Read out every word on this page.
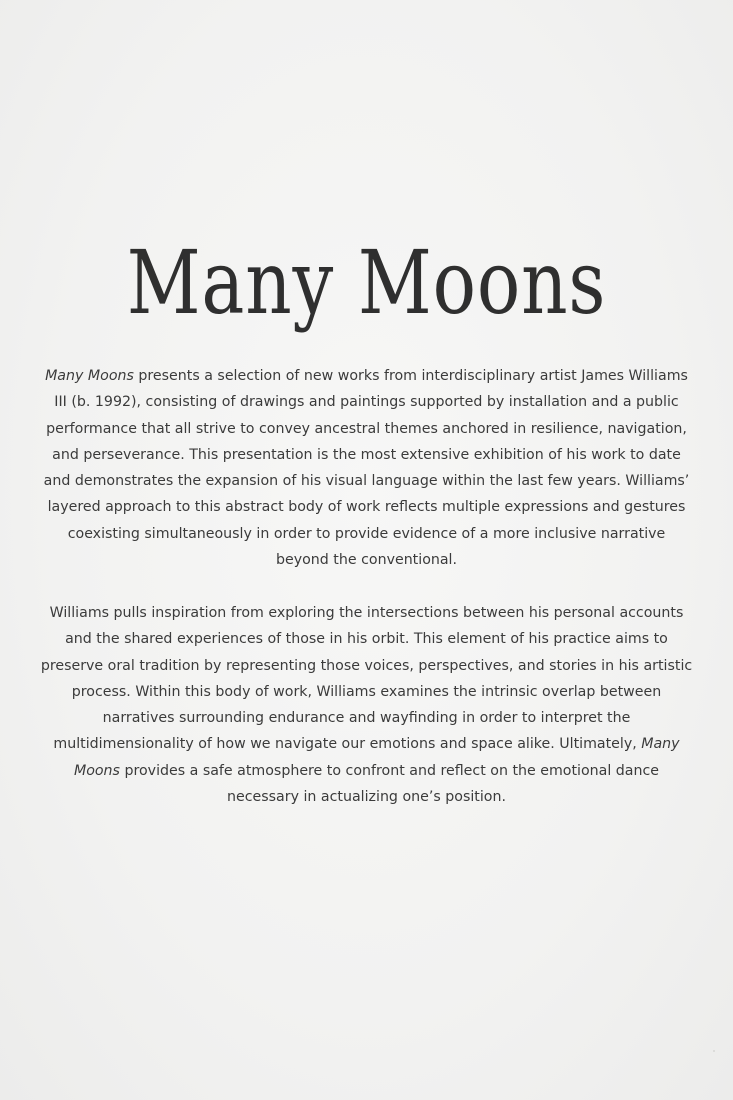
Many Moons

Many Moons presents a selection of new works from interdisciplinary artist James Williams III (b. 1992), consisting of drawings and paintings supported by installation and a public performance that all strive to convey ancestral themes anchored in resilience, navigation, and perseverance. This presentation is the most extensive exhibition of his work to date and demonstrates the expansion of his visual language within the last few years. Williams’ layered approach to this abstract body of work reflects multiple expressions and gestures coexisting simultaneously in order to provide evidence of a more inclusive narrative beyond the conventional.

Williams pulls inspiration from exploring the intersections between his personal accounts and the shared experiences of those in his orbit. This element of his practice aims to preserve oral tradition by representing those voices, perspectives, and stories in his artistic process. Within this body of work, Williams examines the intrinsic overlap between narratives surrounding endurance and wayfinding in order to interpret the multidimensionality of how we navigate our emotions and space alike. Ultimately, Many Moons provides a safe atmosphere to confront and reflect on the emotional dance necessary in actualizing one’s position.
